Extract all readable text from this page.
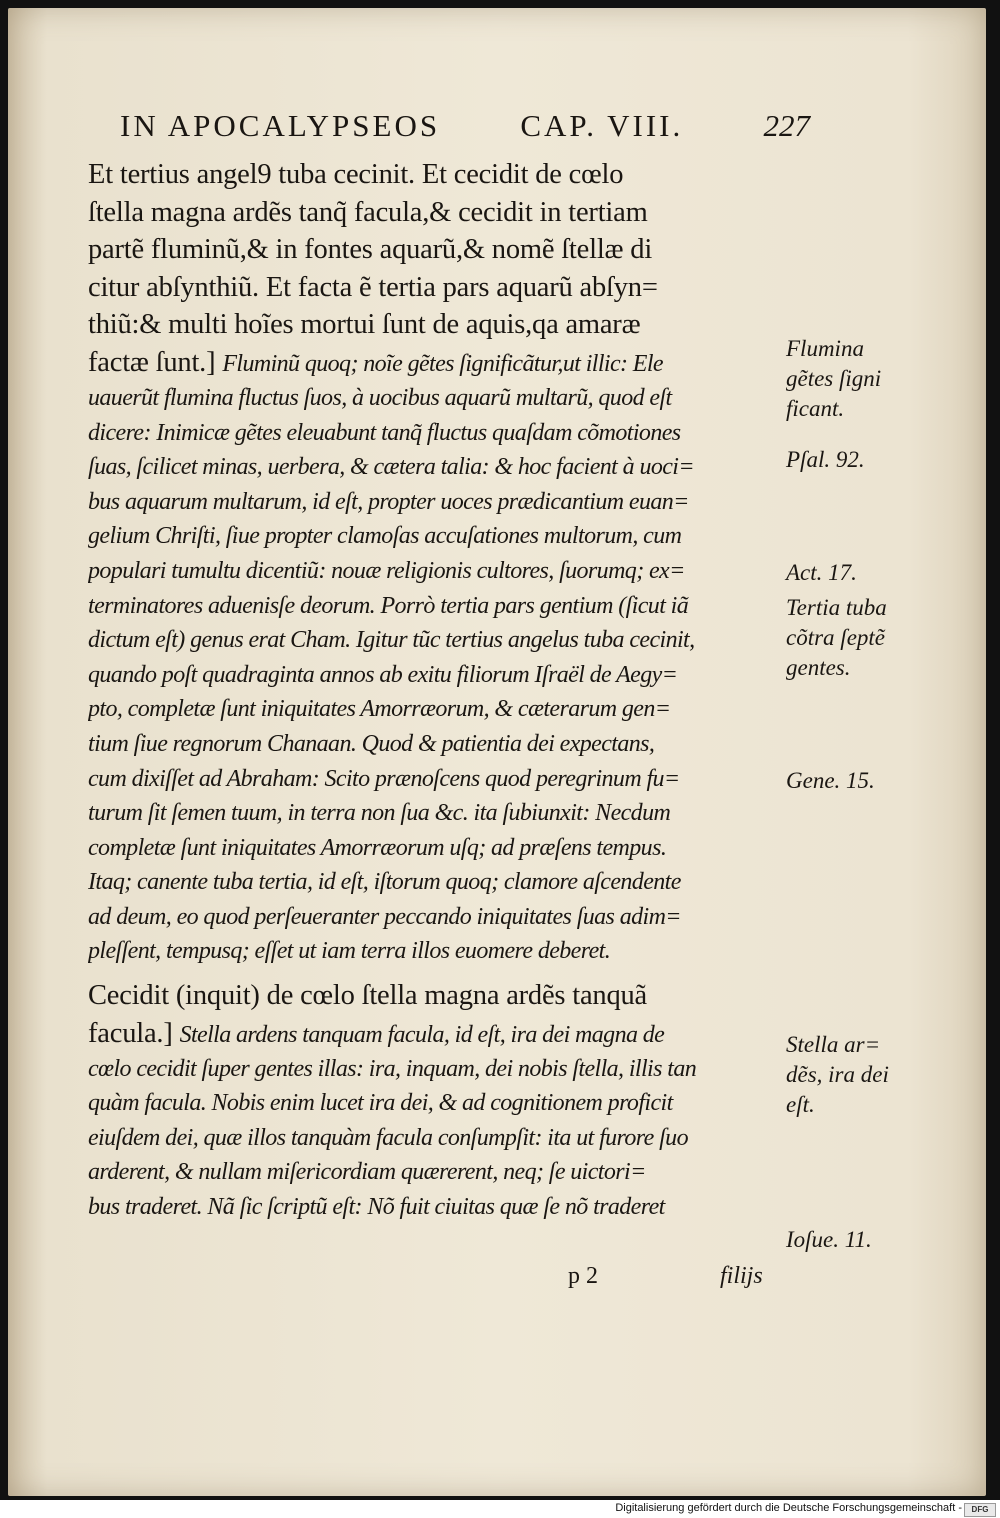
IN APOCALYPSEOS	CAP. VIII.	227
Et tertius angel9 tuba cecinit. Et cecidit de cœlo
ſtella magna ardẽs tanq̃ facula,& cecidit in tertiam
partẽ fluminũ,& in fontes aquarũ,& nomẽ ſtellæ di
citur abſynthiũ. Et facta ẽ tertia pars aquarũ abſyn=
thiũ:& multi hoĩes mortui ſunt de aquis,qa amaræ
factæ ſunt.] Fluminũ quoq; noĩe gẽtes ſignificãtur,ut illic: Ele
uauerũt flumina fluctus ſuos, à uocibus aquarũ multarũ, quod eſt
dicere: Inimicæ gẽtes eleuabunt tanq̃ fluctus quaſdam cõmotiones
ſuas, ſcilicet minas, uerbera, & cætera talia: & hoc facient à uoci=
bus aquarum multarum, id eſt, propter uoces prædicantium euan=
gelium Chriſti, ſiue propter clamoſas accuſationes multorum, cum
populari tumultu dicentiũ: nouæ religionis cultores, ſuorumq; ex=
terminatores aduenisſe deorum. Porrò tertia pars gentium (ſicut iã
dictum eſt) genus erat Cham. Igitur tũc tertius angelus tuba cecinit,
quando poſt quadraginta annos ab exitu filiorum Iſraël de Aegy=
pto, completæ ſunt iniquitates Amorræorum, & cæterarum gen=
tium ſiue regnorum Chanaan. Quod & patientia dei expectans,
cum dixiſſet ad Abraham: Scito prænoſcens quod peregrinum fu=
turum ſit ſemen tuum, in terra non ſua &c. ita ſubiunxit: Necdum
completæ ſunt iniquitates Amorræorum uſq; ad præſens tempus.
Itaq; canente tuba tertia, id eſt, iſtorum quoq; clamore aſcendente
ad deum, eo quod perſeueranter peccando iniquitates ſuas adim=
pleſſent, tempusq; eſſet ut iam terra illos euomere deberet.
Cecidit (inquit) de cœlo ſtella magna ardẽs tanquã
facula.] Stella ardens tanquam facula, id eſt, ira dei magna de
cœlo cecidit ſuper gentes illas: ira, inquam, dei nobis ſtella, illis tan
quàm facula. Nobis enim lucet ira dei, & ad cognitionem proficit
eiuſdem dei, quæ illos tanquàm facula conſumpſit: ita ut furore ſuo
arderent, & nullam miſericordiam quærerent, neq; ſe uictori=
bus traderet. Nã ſic ſcriptũ eſt: Nõ fuit ciuitas quæ ſe nõ traderet
Flumina
gẽtes ſigni
ficant.
Pſal. 92.
Act. 17.
Tertia tuba
cõtra ſeptẽ
gentes.
Gene. 15.
Stella ar=
dẽs, ira dei
eſt.
Ioſue. 11.
p 2	filijs
Digitalisierung gefördert durch die Deutsche Forschungsgemeinschaft -	DFG
